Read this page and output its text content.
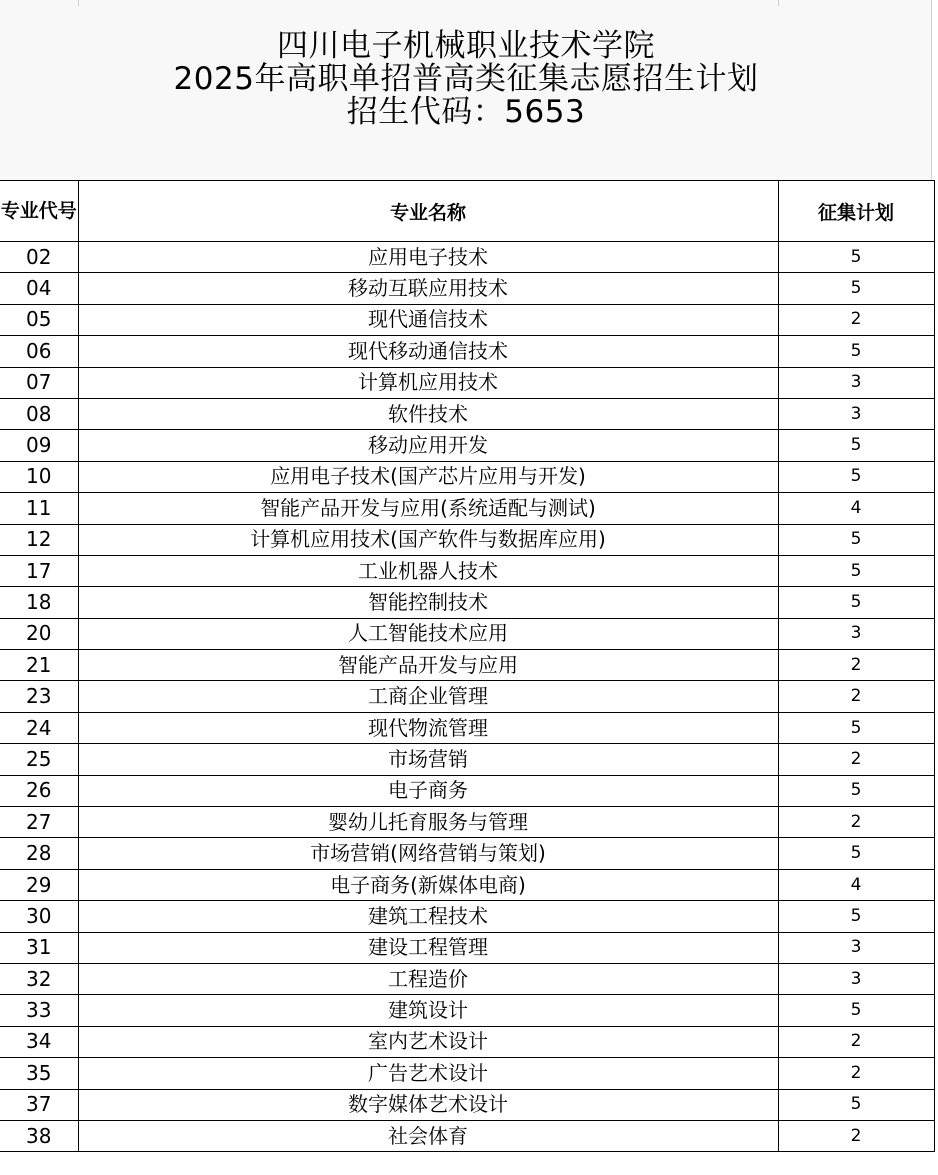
四川电子机械职业技术学院
2025年高职单招普高类征集志愿招生计划
招生代码：5653
专业代号	专业名称	征集计划
02	应用电子技术	5
04	移动互联应用技术	5
05	现代通信技术	2
06	现代移动通信技术	5
07	计算机应用技术	3
08	软件技术	3
09	移动应用开发	5
10	应用电子技术(国产芯片应用与开发)	5
11	智能产品开发与应用(系统适配与测试)	4
12	计算机应用技术(国产软件与数据库应用)	5
17	工业机器人技术	5
18	智能控制技术	5
20	人工智能技术应用	3
21	智能产品开发与应用	2
23	工商企业管理	2
24	现代物流管理	5
25	市场营销	2
26	电子商务	5
27	婴幼儿托育服务与管理	2
28	市场营销(网络营销与策划)	5
29	电子商务(新媒体电商)	4
30	建筑工程技术	5
31	建设工程管理	3
32	工程造价	3
33	建筑设计	5
34	室内艺术设计	2
35	广告艺术设计	2
37	数字媒体艺术设计	5
38	社会体育	2
